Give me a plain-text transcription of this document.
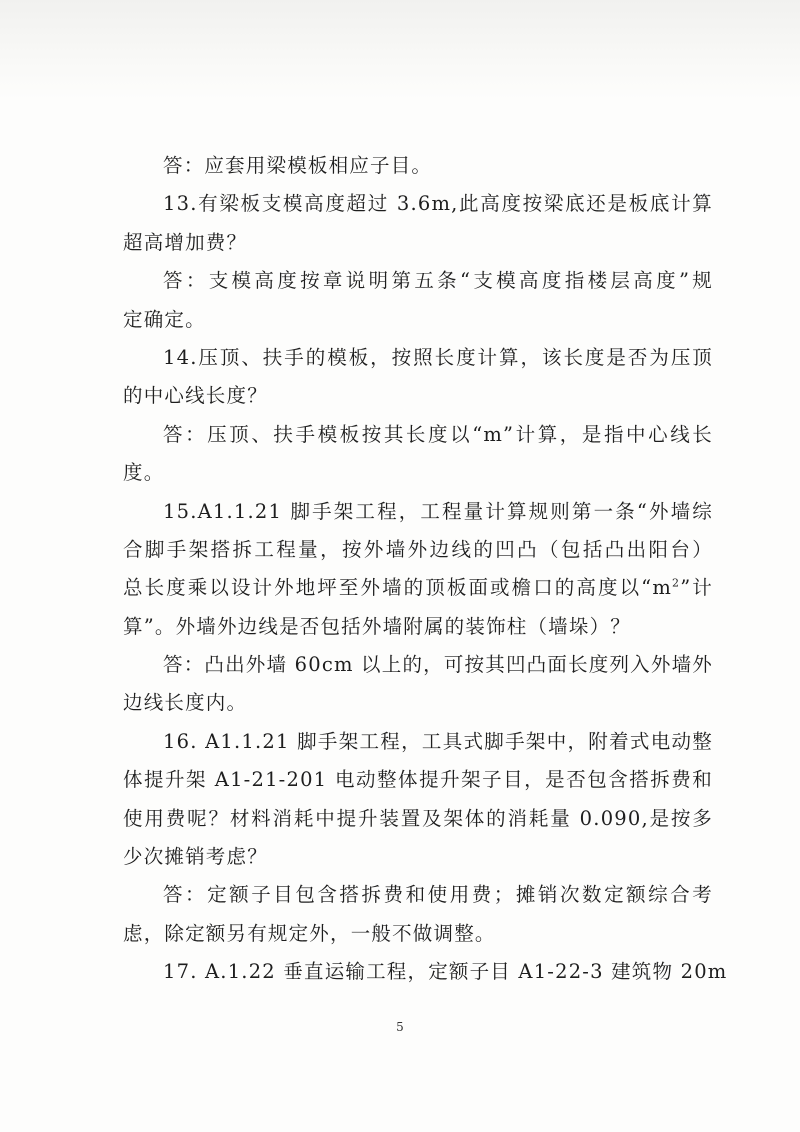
答：应套用梁模板相应子目。
13.有梁板支模高度超过 3.6m,此高度按梁底还是板底计算
超高增加费？
答：支模高度按章说明第五条“支模高度指楼层高度”规
定确定。
14.压顶、扶手的模板，按照长度计算，该长度是否为压顶
的中心线长度？
答：压顶、扶手模板按其长度以“m”计算，是指中心线长
度。
15.A1.1.21 脚手架工程，工程量计算规则第一条“外墙综
合脚手架搭拆工程量，按外墙外边线的凹凸（包括凸出阳台）
总长度乘以设计外地坪至外墙的顶板面或檐口的高度以“$m^2$”计
算”。外墙外边线是否包括外墙附属的装饰柱（墙垛）？
答：凸出外墙 60cm 以上的，可按其凹凸面长度列入外墙外
边线长度内。
16. A1.1.21 脚手架工程，工具式脚手架中，附着式电动整
体提升架 A1-21-201 电动整体提升架子目，是否包含搭拆费和
使用费呢？材料消耗中提升装置及架体的消耗量 0.090,是按多
少次摊销考虑？
答：定额子目包含搭拆费和使用费；摊销次数定额综合考
虑，除定额另有规定外，一般不做调整。
17. A.1.22 垂直运输工程，定额子目 A1-22-3 建筑物 20m
5
